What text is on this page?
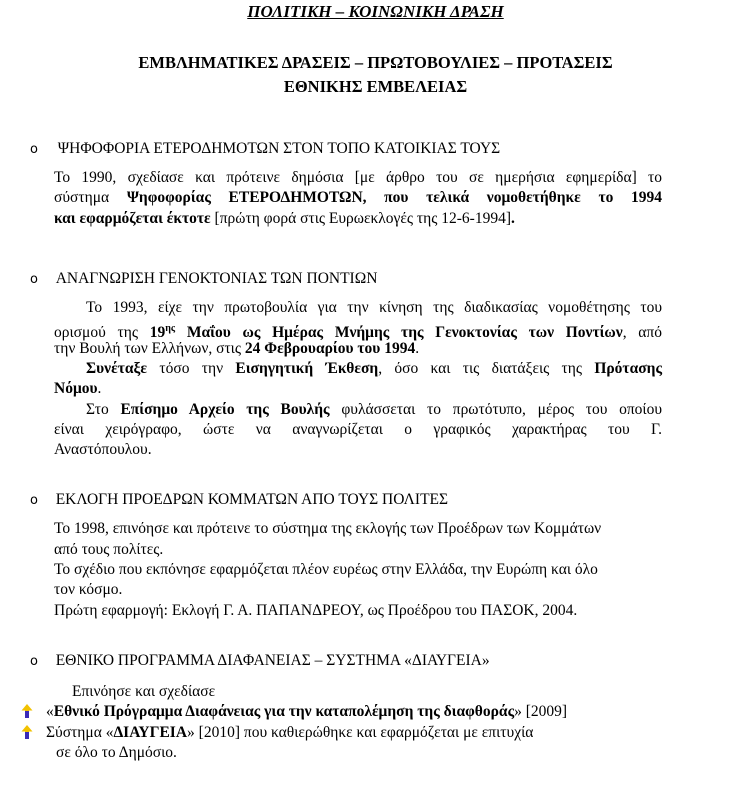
ΠΟΛΙΤΙΚΗ – ΚΟΙΝΩΝΙΚΗ ΔΡΑΣΗ
ΕΜΒΛΗΜΑΤΙΚΕΣ ΔΡΑΣΕΙΣ – ΠΡΩΤΟΒΟΥΛΙΕΣ – ΠΡΟΤΑΣΕΙΣ
ΕΘΝΙΚΗΣ ΕΜΒΕΛΕΙΑΣ
o ΨΗΦΟΦΟΡΙΑ ΕΤΕΡΟΔΗΜΟΤΩΝ ΣΤΟΝ ΤΟΠΟ ΚΑΤΟΙΚΙΑΣ ΤΟΥΣ
Το 1990, σχεδίασε και πρότεινε δημόσια [με άρθρο του σε ημερήσια εφημερίδα] το
σύστημα Ψηφοφορίας ΕΤΕΡΟΔΗΜΟΤΩΝ, που τελικά νομοθετήθηκε το 1994
και εφαρμόζεται έκτοτε [πρώτη φορά στις Ευρωεκλογές της 12-6-1994].
o ΑΝΑΓΝΩΡΙΣΗ ΓΕΝΟΚΤΟΝΙΑΣ ΤΩΝ ΠΟΝΤΙΩΝ
Το 1993, είχε την πρωτοβουλία για την κίνηση της διαδικασίας νομοθέτησης του
ορισμού της $19^{\eta\varsigma}$ Μαΐου ως Ημέρας Μνήμης της Γενοκτονίας των Ποντίων, από
την Βουλή των Ελλήνων, στις 24 Φεβρουαρίου του 1994.
Συνέταξε τόσο την Εισηγητική Έκθεση, όσο και τις διατάξεις της Πρότασης
Νόμου.
Στο Επίσημο Αρχείο της Βουλής φυλάσσεται το πρωτότυπο, μέρος του οποίου
είναι χειρόγραφο, ώστε να αναγνωρίζεται ο γραφικός χαρακτήρας του Γ.
Αναστόπουλου.
o ΕΚΛΟΓΗ ΠΡΟΕΔΡΩΝ ΚΟΜΜΑΤΩΝ ΑΠΟ ΤΟΥΣ ΠΟΛΙΤΕΣ
Το 1998, επινόησε και πρότεινε το σύστημα της εκλογής των Προέδρων των Κομμάτων
από τους πολίτες.
Το σχέδιο που εκπόνησε εφαρμόζεται πλέον ευρέως στην Ελλάδα, την Ευρώπη και όλο
τον κόσμο.
Πρώτη εφαρμογή: Εκλογή Γ. Α. ΠΑΠΑΝΔΡΕΟΥ, ως Προέδρου του ΠΑΣΟΚ, 2004.
o ΕΘΝΙΚΟ ΠΡΟΓΡΑΜΜΑ ΔΙΑΦΑΝΕΙΑΣ – ΣΥΣΤΗΜΑ «ΔΙΑΥΓΕΙΑ»
Επινόησε και σχεδίασε
«Εθνικό Πρόγραμμα Διαφάνειας για την καταπολέμηση της διαφθοράς» [2009]
Σύστημα «ΔΙΑΥΓΕΙΑ» [2010] που καθιερώθηκε και εφαρμόζεται με επιτυχία
σε όλο το Δημόσιο.
